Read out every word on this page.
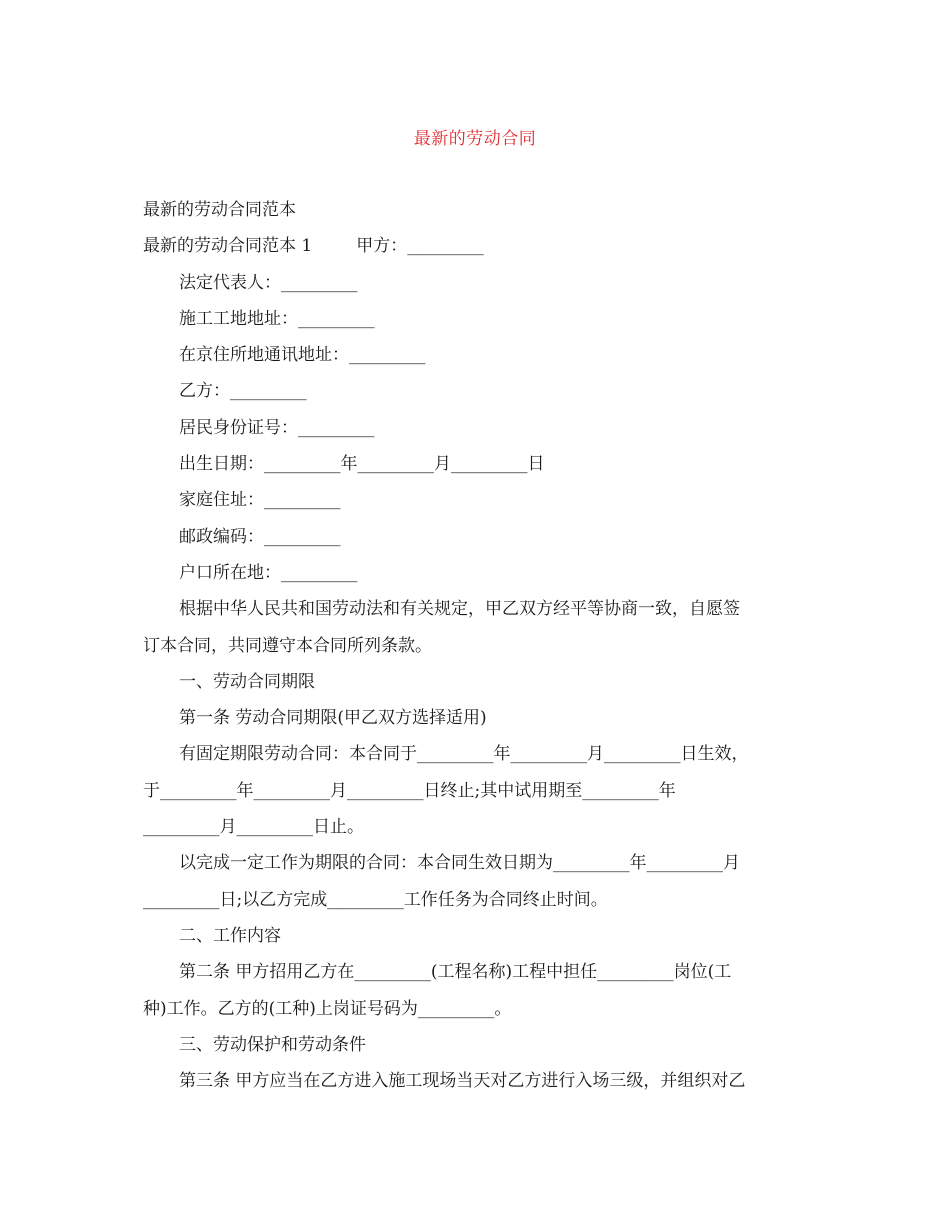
最新的劳动合同
最新的劳动合同范本
最新的劳动合同范本 1	甲方：_________
法定代表人：_________
施工工地地址：_________
在京住所地通讯地址：_________
乙方：_________
居民身份证号：_________
出生日期：_________年_________月_________日
家庭住址：_________
邮政编码：_________
户口所在地：_________
根据中华人民共和国劳动法和有关规定，甲乙双方经平等协商一致，自愿签
订本合同，共同遵守本合同所列条款。
一、劳动合同期限
第一条 劳动合同期限(甲乙双方选择适用)
有固定期限劳动合同：本合同于_________年_________月_________日生效，
于_________年_________月_________日终止;其中试用期至_________年
_________月_________日止。
以完成一定工作为期限的合同：本合同生效日期为_________年_________月
_________日;以乙方完成_________工作任务为合同终止时间。
二、工作内容
第二条 甲方招用乙方在_________(工程名称)工程中担任_________岗位(工
种)工作。乙方的(工种)上岗证号码为_________。
三、劳动保护和劳动条件
第三条 甲方应当在乙方进入施工现场当天对乙方进行入场三级，并组织对乙
